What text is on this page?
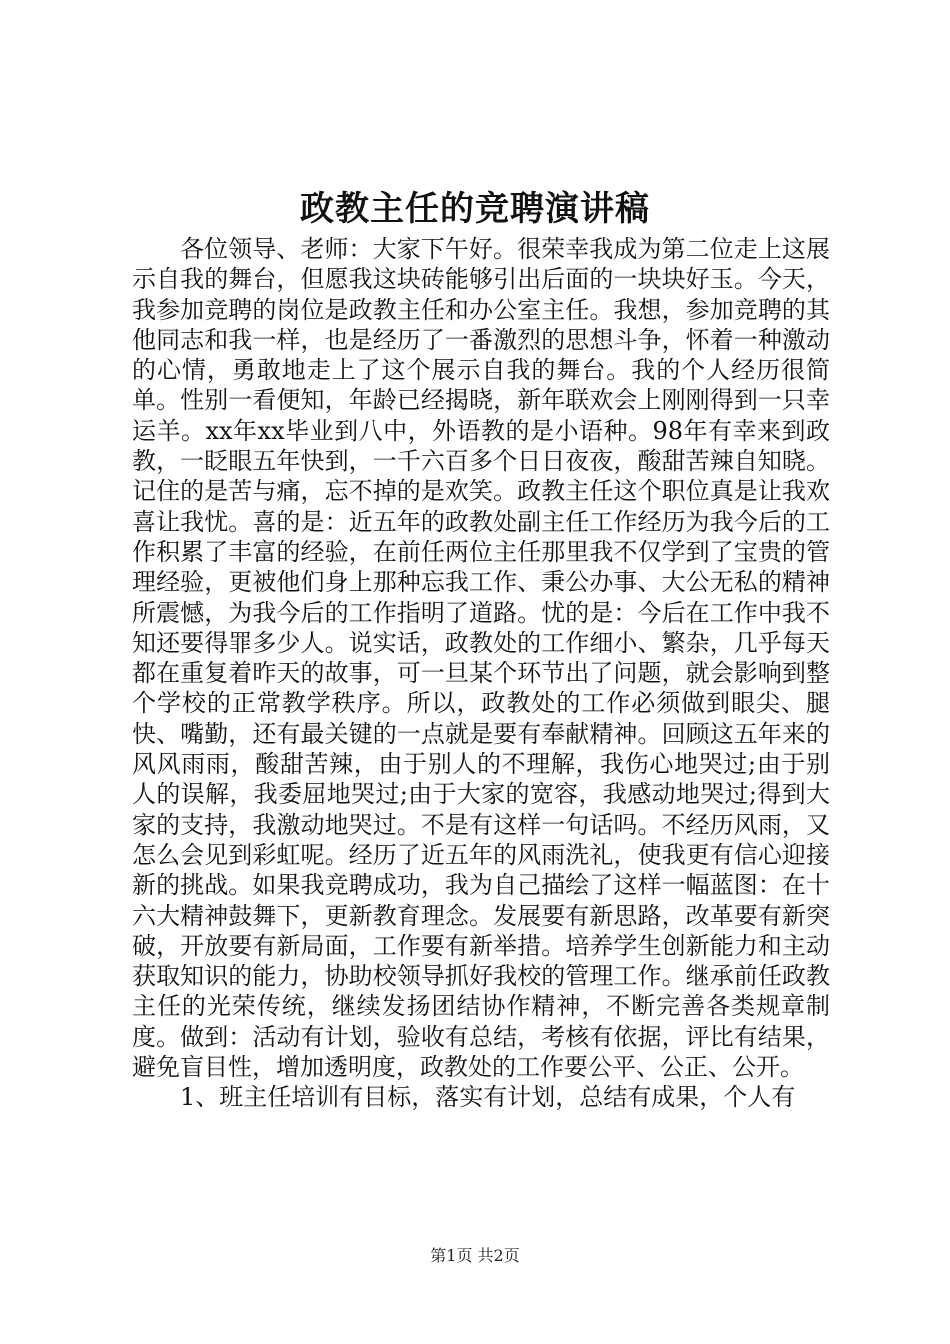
政教主任的竞聘演讲稿

各位领导、老师：大家下午好。很荣幸我成为第二位走上这展示自我的舞台，但愿我这块砖能够引出后面的一块块好玉。今天，我参加竞聘的岗位是政教主任和办公室主任。我想，参加竞聘的其他同志和我一样，也是经历了一番激烈的思想斗争，怀着一种激动的心情，勇敢地走上了这个展示自我的舞台。我的个人经历很简单。性别一看便知，年龄已经揭晓，新年联欢会上刚刚得到一只幸运羊。xx年xx毕业到八中，外语教的是小语种。98年有幸来到政教，一眨眼五年快到，一千六百多个日日夜夜，酸甜苦辣自知晓。记住的是苦与痛，忘不掉的是欢笑。政教主任这个职位真是让我欢喜让我忧。喜的是：近五年的政教处副主任工作经历为我今后的工作积累了丰富的经验，在前任两位主任那里我不仅学到了宝贵的管理经验，更被他们身上那种忘我工作、秉公办事、大公无私的精神所震憾，为我今后的工作指明了道路。忧的是：今后在工作中我不知还要得罪多少人。说实话，政教处的工作细小、繁杂，几乎每天都在重复着昨天的故事，可一旦某个环节出了问题，就会影响到整个学校的正常教学秩序。所以，政教处的工作必须做到眼尖、腿快、嘴勤，还有最关键的一点就是要有奉献精神。回顾这五年来的风风雨雨，酸甜苦辣，由于别人的不理解，我伤心地哭过;由于别人的误解，我委屈地哭过;由于大家的宽容，我感动地哭过;得到大家的支持，我激动地哭过。不是有这样一句话吗。不经历风雨，又怎么会见到彩虹呢。经历了近五年的风雨洗礼，使我更有信心迎接新的挑战。如果我竞聘成功，我为自己描绘了这样一幅蓝图：在十六大精神鼓舞下，更新教育理念。发展要有新思路，改革要有新突破，开放要有新局面，工作要有新举措。培养学生创新能力和主动获取知识的能力，协助校领导抓好我校的管理工作。继承前任政教主任的光荣传统，继续发扬团结协作精神，不断完善各类规章制度。做到：活动有计划，验收有总结，考核有依据，评比有结果，避免盲目性，增加透明度，政教处的工作要公平、公正、公开。

1、班主任培训有目标，落实有计划，总结有成果，个人有

第1页 共2页
